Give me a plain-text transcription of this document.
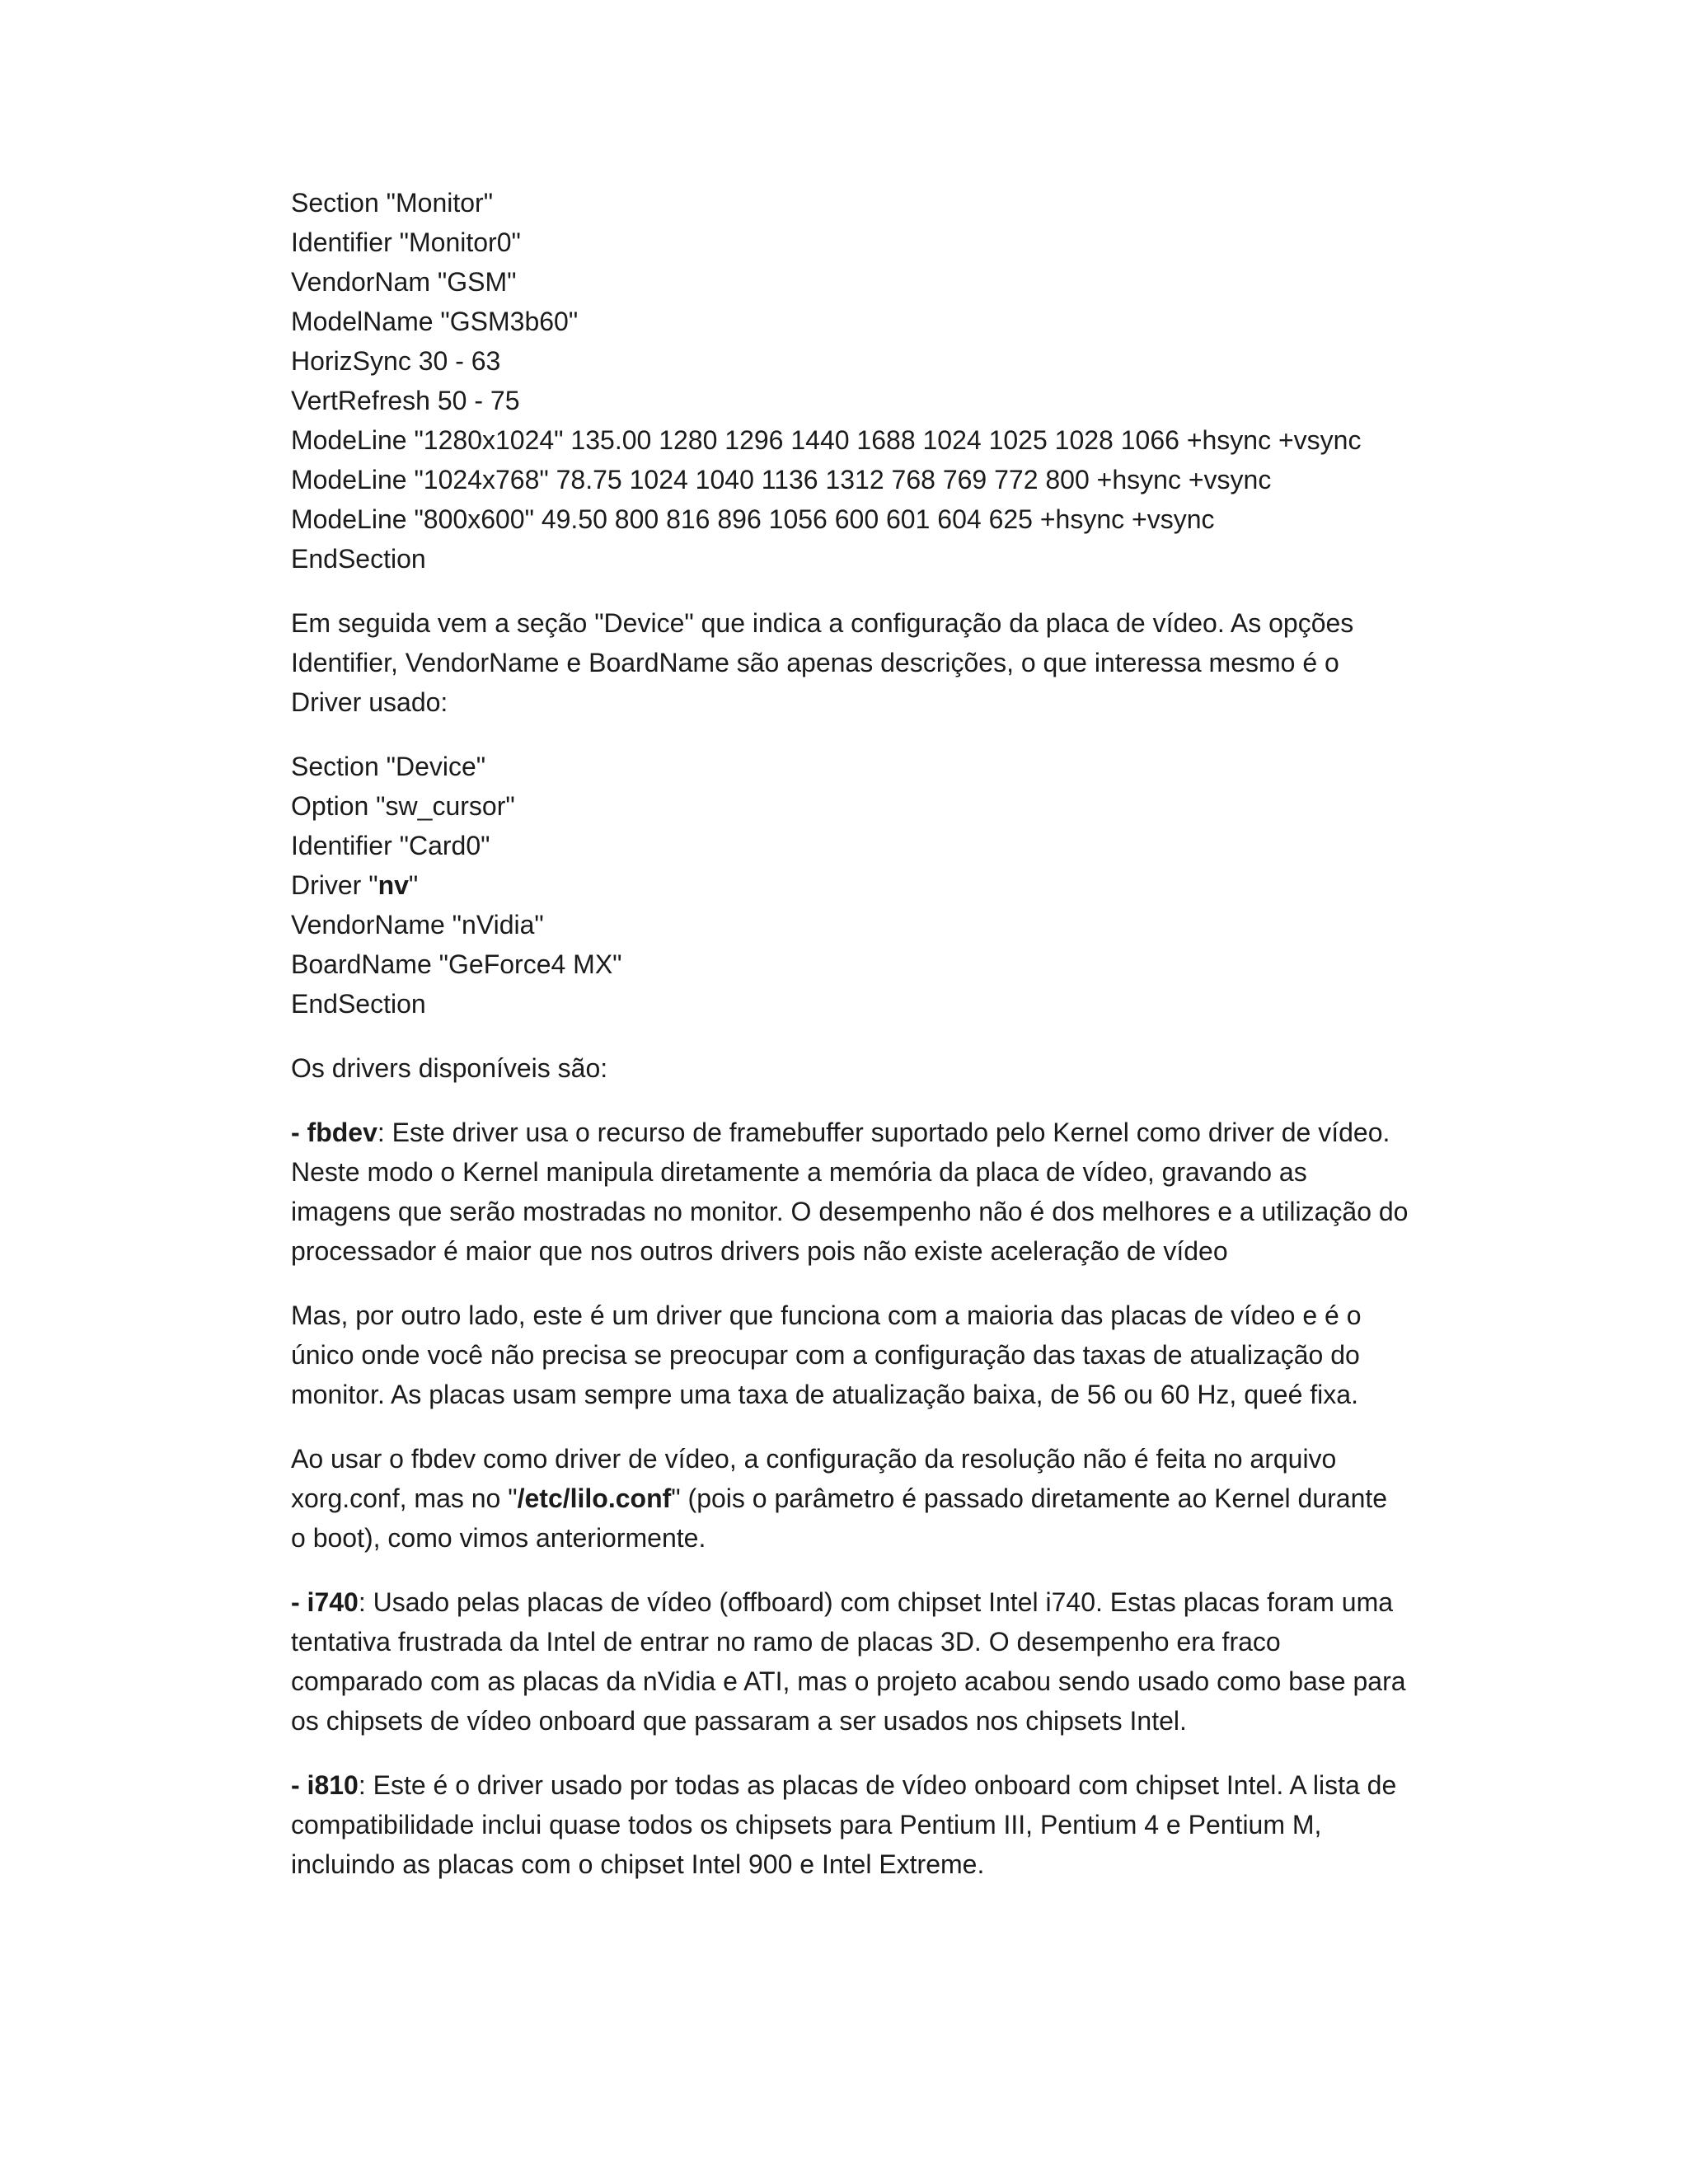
Section "Monitor"
Identifier "Monitor0"
VendorNam "GSM"
ModelName "GSM3b60"
HorizSync 30 - 63
VertRefresh 50 - 75
ModeLine "1280x1024" 135.00 1280 1296 1440 1688 1024 1025 1028 1066 +hsync +vsync
ModeLine "1024x768" 78.75 1024 1040 1136 1312 768 769 772 800 +hsync +vsync
ModeLine "800x600" 49.50 800 816 896 1056 600 601 604 625 +hsync +vsync
EndSection
Em seguida vem a seção "Device" que indica a configuração da placa de vídeo. As opções
Identifier, VendorName e BoardName são apenas descrições, o que interessa mesmo é o
Driver usado:
Section "Device"
Option "sw_cursor"
Identifier "Card0"
Driver "nv"
VendorName "nVidia"
BoardName "GeForce4 MX"
EndSection
Os drivers disponíveis são:
- fbdev: Este driver usa o recurso de framebuffer suportado pelo Kernel como driver de vídeo.
Neste modo o Kernel manipula diretamente a memória da placa de vídeo, gravando as
imagens que serão mostradas no monitor. O desempenho não é dos melhores e a utilização do
processador é maior que nos outros drivers pois não existe aceleração de vídeo
Mas, por outro lado, este é um driver que funciona com a maioria das placas de vídeo e é o
único onde você não precisa se preocupar com a configuração das taxas de atualização do
monitor. As placas usam sempre uma taxa de atualização baixa, de 56 ou 60 Hz, queé fixa.
Ao usar o fbdev como driver de vídeo, a configuração da resolução não é feita no arquivo
xorg.conf, mas no "/etc/lilo.conf" (pois o parâmetro é passado diretamente ao Kernel durante
o boot), como vimos anteriormente.
- i740: Usado pelas placas de vídeo (offboard) com chipset Intel i740. Estas placas foram uma
tentativa frustrada da Intel de entrar no ramo de placas 3D. O desempenho era fraco
comparado com as placas da nVidia e ATI, mas o projeto acabou sendo usado como base para
os chipsets de vídeo onboard que passaram a ser usados nos chipsets Intel.
- i810: Este é o driver usado por todas as placas de vídeo onboard com chipset Intel. A lista de
compatibilidade inclui quase todos os chipsets para Pentium III, Pentium 4 e Pentium M,
incluindo as placas com o chipset Intel 900 e Intel Extreme.
